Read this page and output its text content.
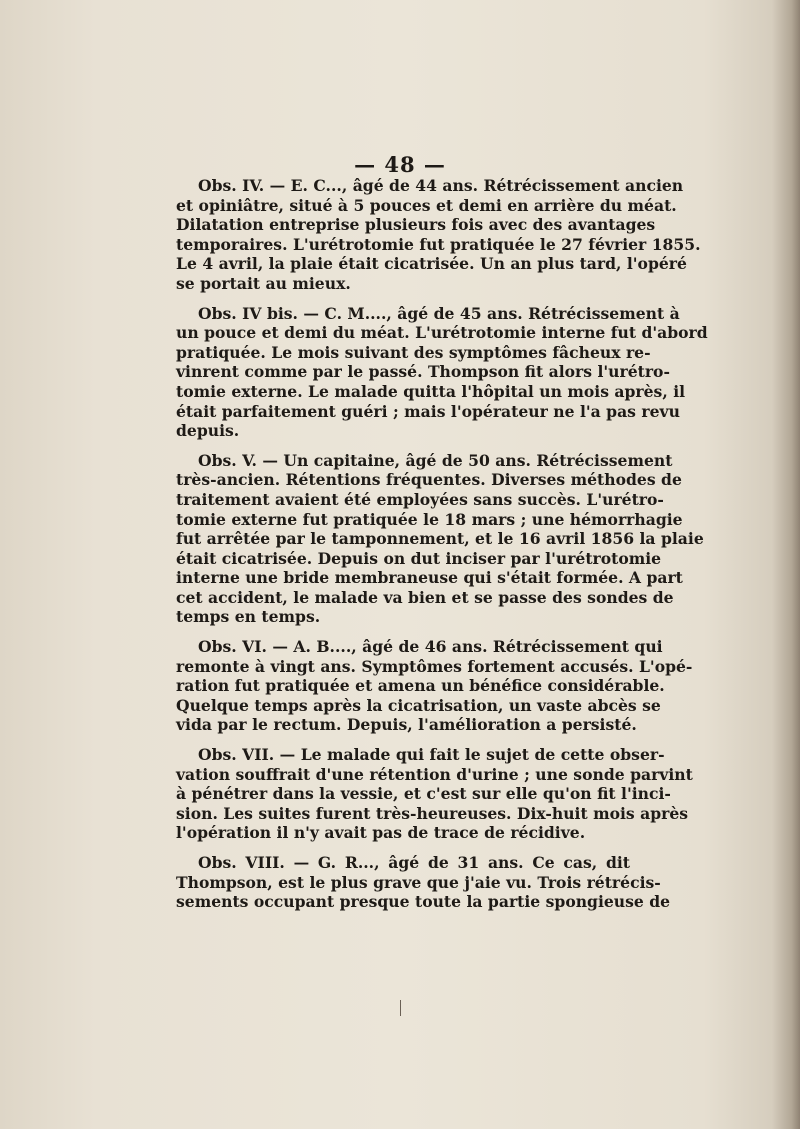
— 48 —
Obs. IV. — E. C..., âgé de 44 ans. Rétrécissement ancien
et opiniâtre, situé à 5 pouces et demi en arrière du méat.
Dilatation entreprise plusieurs fois avec des avantages
temporaires. L'urétrotomie fut pratiquée le 27 février 1855.
Le 4 avril, la plaie était cicatrisée. Un an plus tard, l'opéré
se portait au mieux.
Obs. IV bis. — C. M...., âgé de 45 ans. Rétrécissement à
un pouce et demi du méat. L'urétrotomie interne fut d'abord
pratiquée. Le mois suivant des symptômes fâcheux re-
vinrent comme par le passé. Thompson fit alors l'urétro-
tomie externe. Le malade quitta l'hôpital un mois après, il
était parfaitement guéri ; mais l'opérateur ne l'a pas revu
depuis.
Obs. V. — Un capitaine, âgé de 50 ans. Rétrécissement
très-ancien. Rétentions fréquentes. Diverses méthodes de
traitement avaient été employées sans succès. L'urétro-
tomie externe fut pratiquée le 18 mars ; une hémorrhagie
fut arrêtée par le tamponnement, et le 16 avril 1856 la plaie
était cicatrisée. Depuis on dut inciser par l'urétrotomie
interne une bride membraneuse qui s'était formée. A part
cet accident, le malade va bien et se passe des sondes de
temps en temps.
Obs. VI. — A. B...., âgé de 46 ans. Rétrécissement qui
remonte à vingt ans. Symptômes fortement accusés. L'opé-
ration fut pratiquée et amena un bénéfice considérable.
Quelque temps après la cicatrisation, un vaste abcès se
vida par le rectum. Depuis, l'amélioration a persisté.
Obs. VII. — Le malade qui fait le sujet de cette obser-
vation souffrait d'une rétention d'urine ; une sonde parvint
à pénétrer dans la vessie, et c'est sur elle qu'on fit l'inci-
sion. Les suites furent très-heureuses. Dix-huit mois après
l'opération il n'y avait pas de trace de récidive.
Obs. VIII. — G. R..., âgé de 31 ans. Ce cas, dit
Thompson, est le plus grave que j'aie vu. Trois rétrécis-
sements occupant presque toute la partie spongieuse de
